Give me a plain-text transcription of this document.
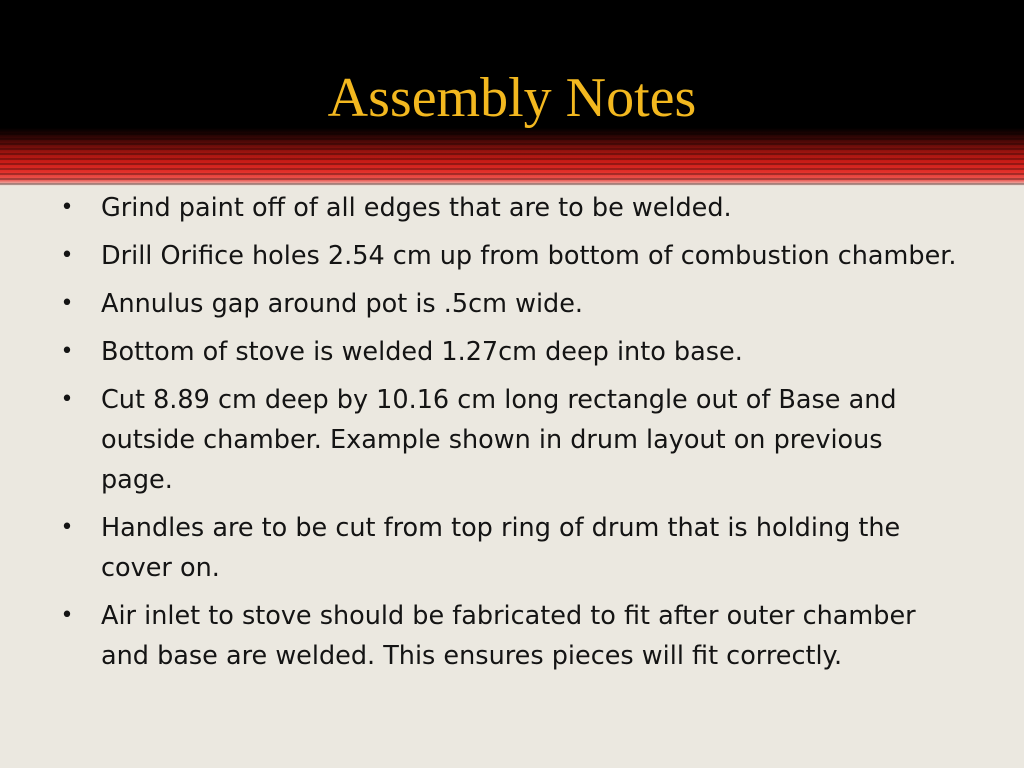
Assembly Notes
• Grind paint off of all edges that are to be welded.
• Drill Orifice holes 2.54 cm up from bottom of combustion chamber.
• Annulus gap around pot is .5cm wide.
• Bottom of stove is welded 1.27cm deep into base.
• Cut 8.89 cm deep by 10.16 cm long rectangle out of Base and outside chamber. Example shown in drum layout on previous page.
• Handles are to be cut from top ring of drum that is holding the cover on.
• Air inlet to stove should be fabricated to fit after outer chamber and base are welded. This ensures pieces will fit correctly.
